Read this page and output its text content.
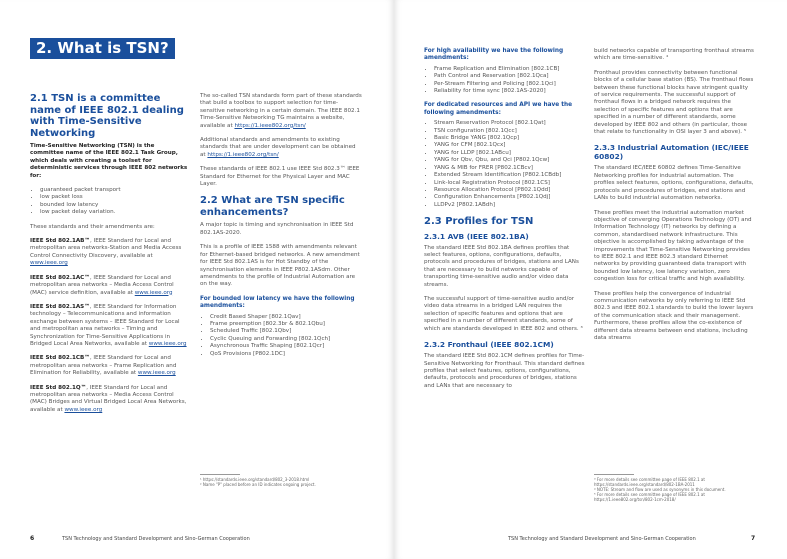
2. What is TSN?
2.1 TSN is a committee name of IEEE 802.1 dealing with Time-Sensitive Networking

Time-Sensitive Networking (TSN) is the committee name of the IEEE 802.1 Task Group, which deals with creating a toolset for deterministic services through IEEE 802 networks for:

• guaranteed packet transport
• low packet loss
• bounded low latency
• low packet delay variation.

These standards and their amendments are:

IEEE Std 802.1AB™, IEEE Standard for Local and metropolitan area networks-Station and Media Access Control Connectivity Discovery, available at www.ieee.org

IEEE Std 802.1AC™, IEEE Standard for Local and metropolitan area networks – Media Access Control (MAC) service definition, available at www.ieee.org

IEEE Std 802.1AS™, IEEE Standard for Information technology – Telecommunications and information exchange between systems – IEEE Standard for Local and metropolitan area networks – Timing and Synchronization for Time-Sensitive Applications in Bridged Local Area Networks, available at www.ieee.org

IEEE Std 802.1CB™, IEEE Standard for Local and metropolitan area networks – Frame Replication and Elimination for Reliability, available at www.ieee.org

IEEE Std 802.1Q™, IEEE Standard for Local and metropolitan area networks – Media Access Control (MAC) Bridges and Virtual Bridged Local Area Networks, available at www.ieee.org

The so-called TSN standards form part of these standards that build a toolbox to support selection for time-sensitive networking in a certain domain. The IEEE 802.1 Time-Sensitive Networking TG maintains a website, available at https://1.ieee802.org/tsn/

Additional standards and amendments to existing standards that are under development can be obtained at https://1.ieee802.org/tsn/

These standards of IEEE 802.1 use IEEE Std 802.3™ IEEE Standard for Ethernet for the Physical Layer and MAC Layer.

2.2 What are TSN specific enhancements?

A major topic is timing and synchronisation in IEEE Std 802.1AS-2020.

This is a profile of IEEE 1588 with amendments relevant for Ethernet-based bridged networks. A new amendment for IEEE Std 802.1AS is for Hot Standby of the synchronisation elements in IEEE P802.1ASdm. Other amendments to the profile of Industrial Automation are on the way.

For bounded low latency we have the following amendments:
• Credit Based Shaper [802.1Qav]
• Frame preemption [802.3br & 802.1Qbu]
• Scheduled Traffic [802.1Qbv]
• Cyclic Queuing and Forwarding [802.1Qch]
• Asynchronous Traffic Shaping [802.1Qcr]
• QoS Provisions [P802.1DC]
¹ https://standards.ieee.org/standard/802_3-2018.html
² Name "P" placed before an ID indicates ongoing project.
6	TSN Technology and Standard Development and Sino-German Cooperation
For high availability we have the following amendments:
• Frame Replication and Elimination [802.1CB]
• Path Control and Reservation [802.1Qca]
• Per-Stream Filtering and Policing [802.1Qci]
• Reliability for time sync [802.1AS-2020]
For dedicated resources and API we have the following amendments:
• Stream Reservation Protocol [802.1Qat]
• TSN configuration [802.1Qcc]
• Basic Bridge YANG [802.1Qcp]
• YANG for CFM [802.1Qcx]
• YANG for LLDP [802.1ABcu]
• YANG for Qbv, Qbu, and Qci [P802.1Qcw]
• YANG & MIB for FRER [P802.1CBcv]
• Extended Stream Identification [P802.1CBdb]
• Link-local Registration Protocol [802.1CS]
• Resource Allocation Protocol [P802.1Qdd]
• Configuration Enhancements [P802.1Qdj]
• LLDPv2 [P802.1ABdh]
2.3 Profiles for TSN
2.3.1 AVB (IEEE 802.1BA)

The standard IEEE Std 802.1BA defines profiles that select features, options, configurations, defaults, protocols and procedures of bridges, stations and LANs that are necessary to build networks capable of transporting time-sensitive audio and/or video data streams.

The successful support of time-sensitive audio and/or video data streams in a bridged LAN requires the selection of specific features and options that are specified in a number of different standards, some of which are standards developed in IEEE 802 and others. ³

2.3.2 Fronthaul (IEEE 802.1CM)

The standard IEEE Std 802.1CM defines profiles for Time-Sensitive Networking for Fronthaul. This standard defines profiles that select features, options, configurations, defaults, protocols and procedures of bridges, stations and LANs that are necessary to

build networks capable of transporting fronthaul streams which are time-sensitive. ⁴

Fronthaul provides connectivity between functional blocks of a cellular base station (BS). The fronthaul flows between these functional blocks have stringent quality of service requirements. The successful support of fronthaul flows in a bridged network requires the selection of specific features and options that are specified in a number of different standards, some developed by IEEE 802 and others (in particular, those that relate to functionality in OSI layer 3 and above). ⁵

2.3.3 Industrial Automation (IEC/IEEE 60802)

The standard IEC/IEEE 60802 defines Time-Sensitive Networking profiles for industrial automation. The profiles select features, options, configurations, defaults, protocols and procedures of bridges, end stations and LANs to build industrial automation networks.

These profiles meet the industrial automation market objective of converging Operations Technology (OT) and Information Technology (IT) networks by defining a common, standardised network infrastructure. This objective is accomplished by taking advantage of the improvements that Time-Sensitive Networking provides to IEEE 802.1 and IEEE 802.3 standard Ethernet networks by providing guaranteed data transport with bounded low latency, low latency variation, zero congestion loss for critical traffic and high availability.

These profiles help the convergence of industrial communication networks by only referring to IEEE Std 802.3 and IEEE 802.1 standards to build the lower layers of the communication stack and their management. Furthermore, these profiles allow the co-existence of different data streams between end stations, including data streams

³ For more details see committee page of IEEE 802.1 at https://standards.ieee.org/standard/802-1BA-2011
⁴ NOTE: Stream and flow are used as synonyms in this document.
⁵ For more details see committee page of IEEE 802.1 at https://1.ieee802.org/tsn/802-1cm-2018/
TSN Technology and Standard Development and Sino-German Cooperation	7
